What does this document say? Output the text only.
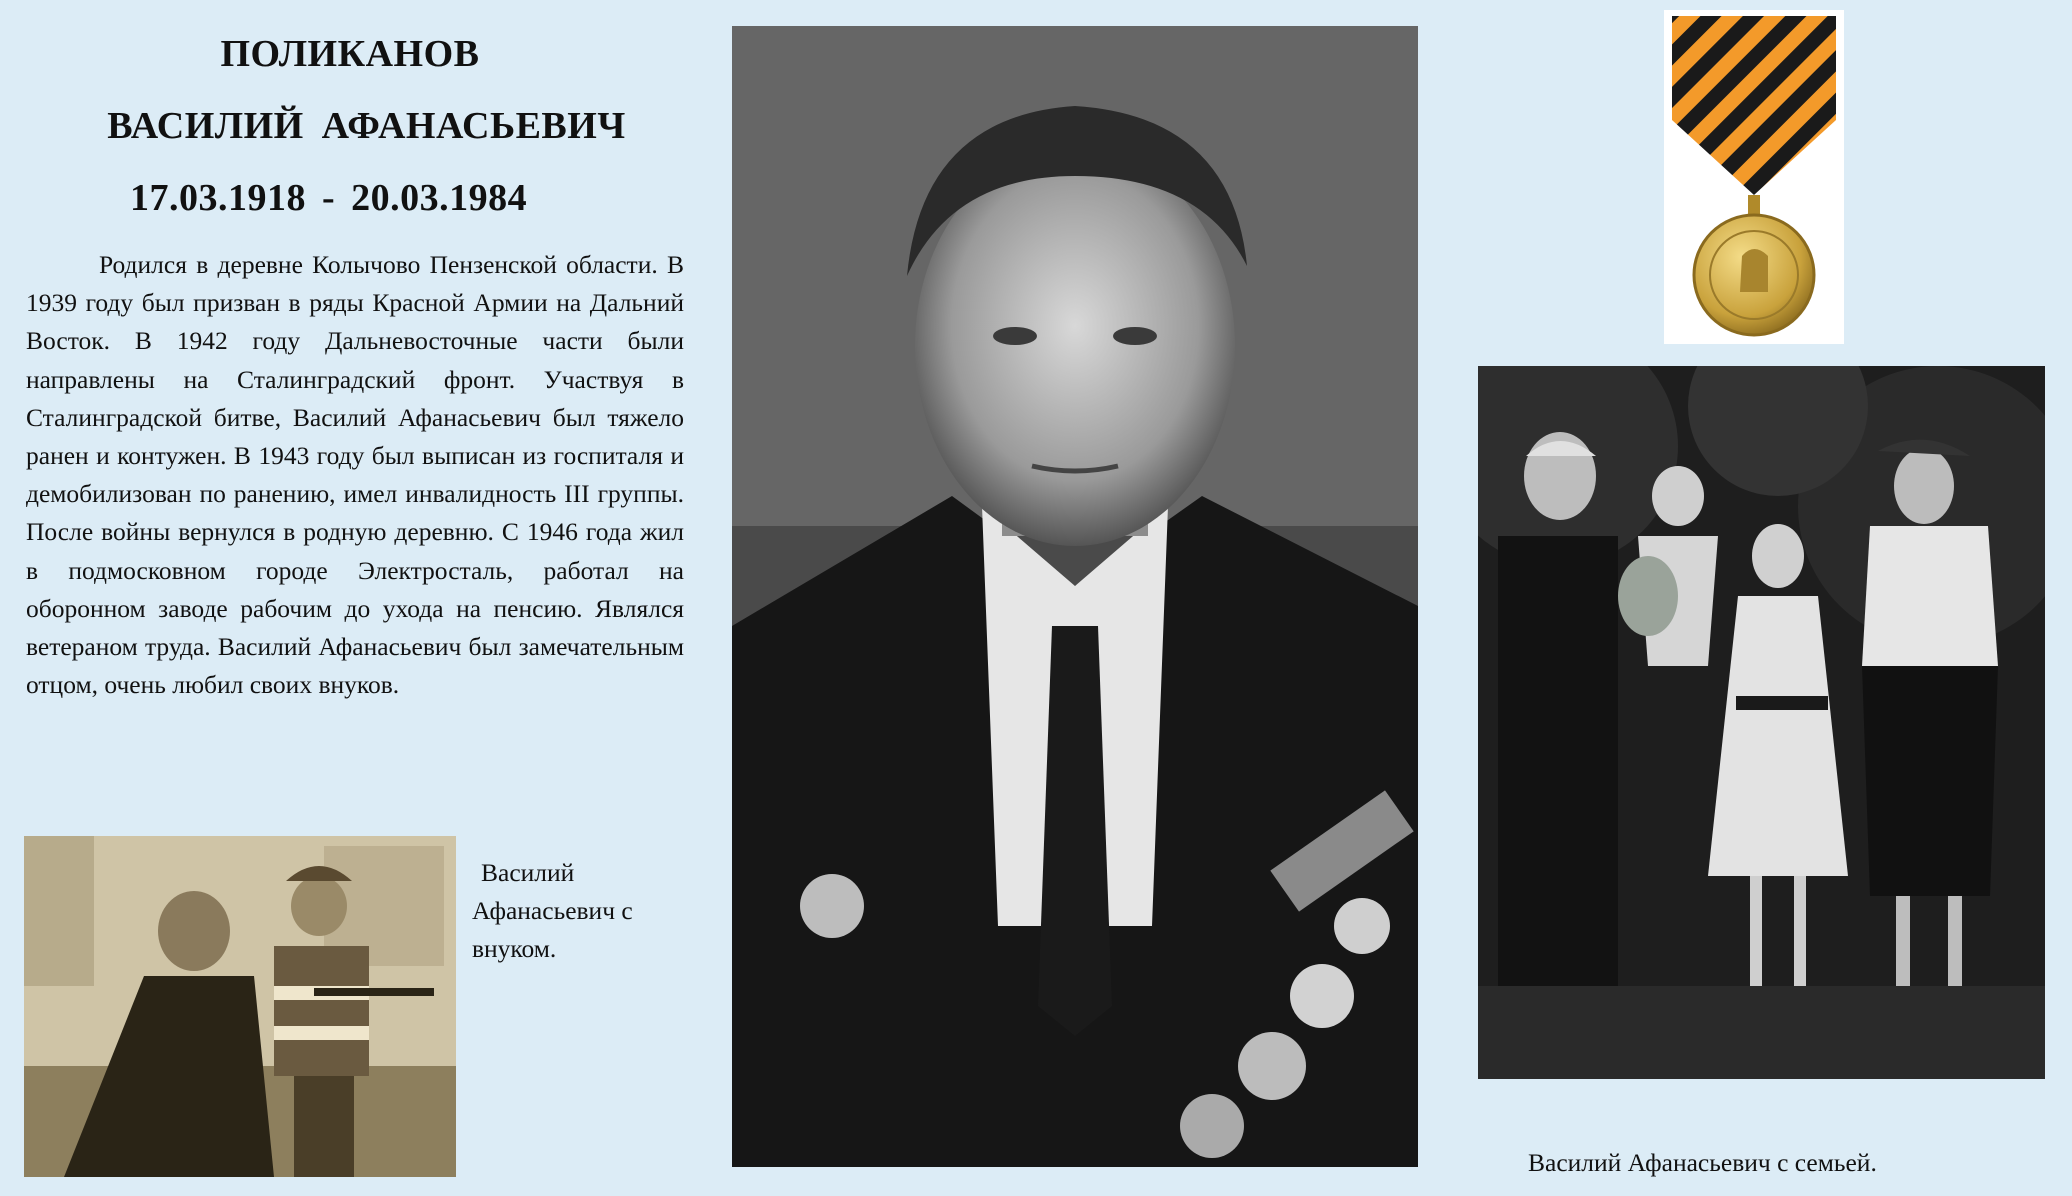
ПОЛИКАНОВ
ВАСИЛИЙ АФАНАСЬЕВИЧ
17.03.1918 - 20.03.1984
Родился в деревне Колычово Пензенской области. В 1939 году был призван в ряды Красной Армии на Дальний Восток. В 1942 году Дальневосточные части были направлены на Сталинградский фронт. Участвуя в Сталинградской битве, Василий Афанасьевич был тяжело ранен и контужен. В 1943 году был выписан из госпиталя и демобилизован по ранению, имел инвалидность III группы. После войны вернулся в родную деревню. С 1946 года жил в подмосковном городе Электросталь, работал на оборонном заводе рабочим до ухода на пенсию. Являлся ветераном труда. Василий Афанасьевич был замечательным отцом, очень любил своих внуков.
Василий
Афанасьевич с внуком.
Василий Афанасьевич с семьей.
